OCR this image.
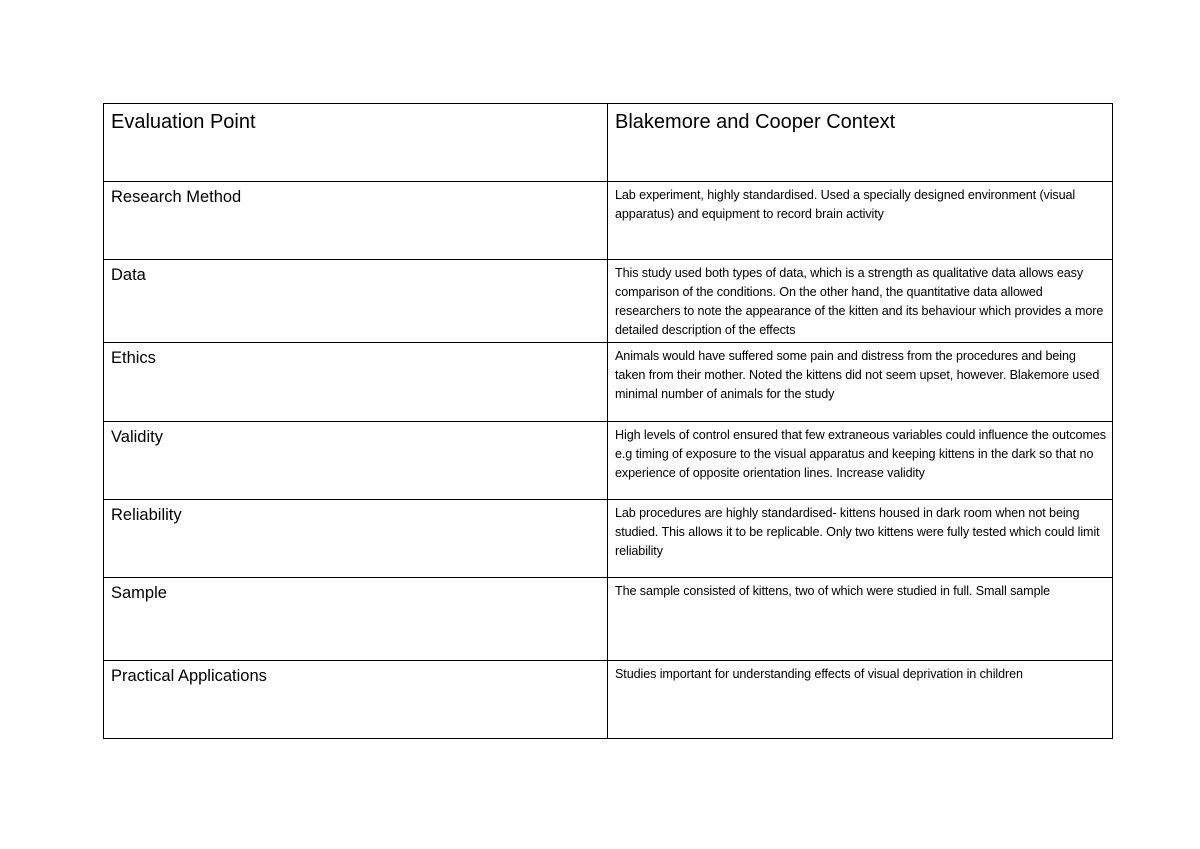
Evaluation Point	Blakemore and Cooper Context

Research Method	Lab experiment, highly standardised. Used a specially designed environment (visual apparatus) and equipment to record brain activity

Data	This study used both types of data, which is a strength as qualitative data allows easy comparison of the conditions. On the other hand, the quantitative data allowed researchers to note the appearance of the kitten and its behaviour which provides a more detailed description of the effects

Ethics	Animals would have suffered some pain and distress from the procedures and being taken from their mother. Noted the kittens did not seem upset, however. Blakemore used minimal number of animals for the study

Validity	High levels of control ensured that few extraneous variables could influence the outcomes e.g timing of exposure to the visual apparatus and keeping kittens in the dark so that no experience of opposite orientation lines. Increase validity

Reliability	Lab procedures are highly standardised- kittens housed in dark room when not being studied. This allows it to be replicable. Only two kittens were fully tested which could limit reliability

Sample	The sample consisted of kittens, two of which were studied in full. Small sample

Practical Applications	Studies important for understanding effects of visual deprivation in children
